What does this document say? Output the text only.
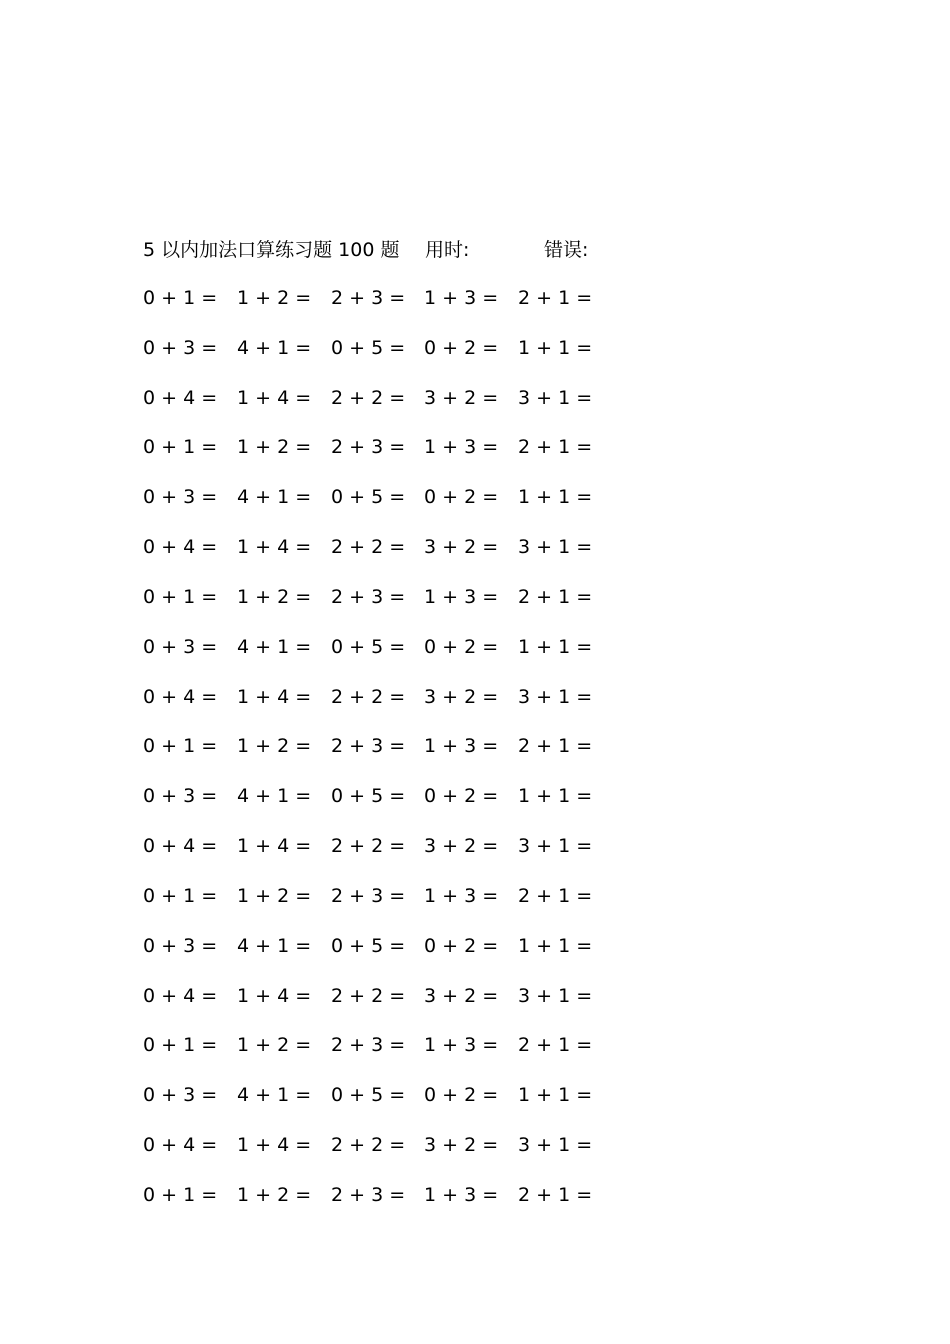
5 以内加法口算练习题 100 题 用时:	错误:
0 + 1 = 1 + 2 = 2 + 3 = 1 + 3 = 2 + 1 =
0 + 3 = 4 + 1 = 0 + 5 = 0 + 2 = 1 + 1 =
0 + 4 = 1 + 4 = 2 + 2 = 3 + 2 = 3 + 1 =
0 + 1 = 1 + 2 = 2 + 3 = 1 + 3 = 2 + 1 =
0 + 3 = 4 + 1 = 0 + 5 = 0 + 2 = 1 + 1 =
0 + 4 = 1 + 4 = 2 + 2 = 3 + 2 = 3 + 1 =
0 + 1 = 1 + 2 = 2 + 3 = 1 + 3 = 2 + 1 =
0 + 3 = 4 + 1 = 0 + 5 = 0 + 2 = 1 + 1 =
0 + 4 = 1 + 4 = 2 + 2 = 3 + 2 = 3 + 1 =
0 + 1 = 1 + 2 = 2 + 3 = 1 + 3 = 2 + 1 =
0 + 3 = 4 + 1 = 0 + 5 = 0 + 2 = 1 + 1 =
0 + 4 = 1 + 4 = 2 + 2 = 3 + 2 = 3 + 1 =
0 + 1 = 1 + 2 = 2 + 3 = 1 + 3 = 2 + 1 =
0 + 3 = 4 + 1 = 0 + 5 = 0 + 2 = 1 + 1 =
0 + 4 = 1 + 4 = 2 + 2 = 3 + 2 = 3 + 1 =
0 + 1 = 1 + 2 = 2 + 3 = 1 + 3 = 2 + 1 =
0 + 3 = 4 + 1 = 0 + 5 = 0 + 2 = 1 + 1 =
0 + 4 = 1 + 4 = 2 + 2 = 3 + 2 = 3 + 1 =
0 + 1 = 1 + 2 = 2 + 3 = 1 + 3 = 2 + 1 =
